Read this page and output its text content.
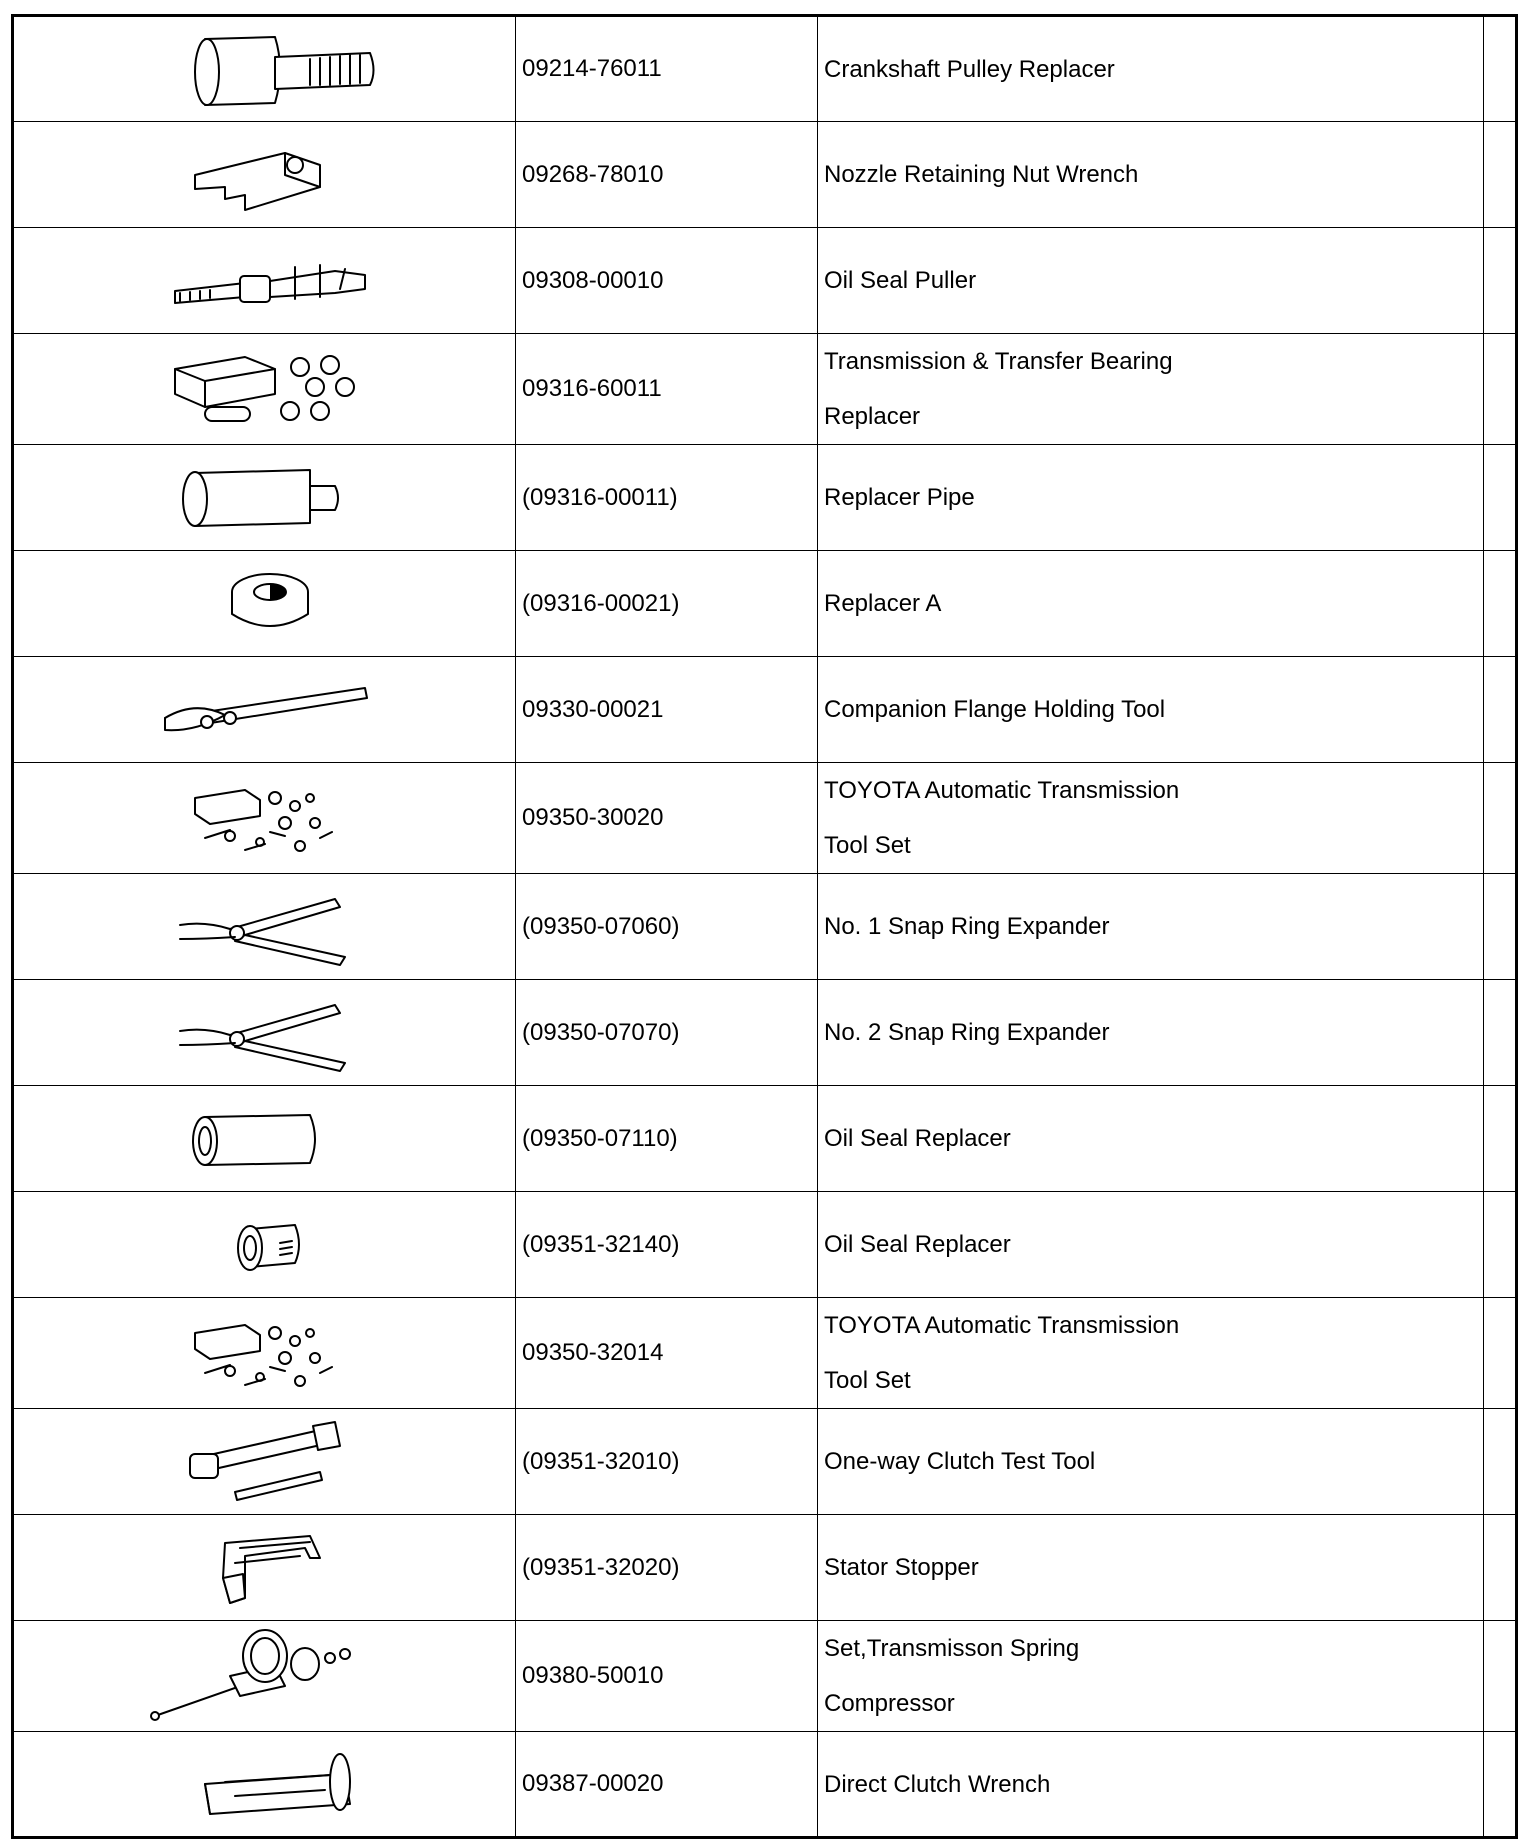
	09214-76011	Crankshaft Pulley Replacer	

	09268-78010	Nozzle Retaining Nut Wrench	

	09308-00010	Oil Seal Puller	

	09316-60011	Transmission & Transfer Bearing
Replacer	

	(09316-00011)	Replacer Pipe	

	(09316-00021)	Replacer A	

	09330-00021	Companion Flange Holding Tool	

	09350-30020	TOYOTA Automatic Transmission
Tool Set	

	(09350-07060)	No. 1 Snap Ring Expander	

	(09350-07070)	No. 2 Snap Ring Expander	

	(09350-07110)	Oil Seal Replacer	

	(09351-32140)	Oil Seal Replacer	

	09350-32014	TOYOTA Automatic Transmission
Tool Set	

	(09351-32010)	One-way Clutch Test Tool	

	(09351-32020)	Stator Stopper	

	09380-50010	Set,Transmisson Spring
Compressor	

	09387-00020	Direct Clutch Wrench	
